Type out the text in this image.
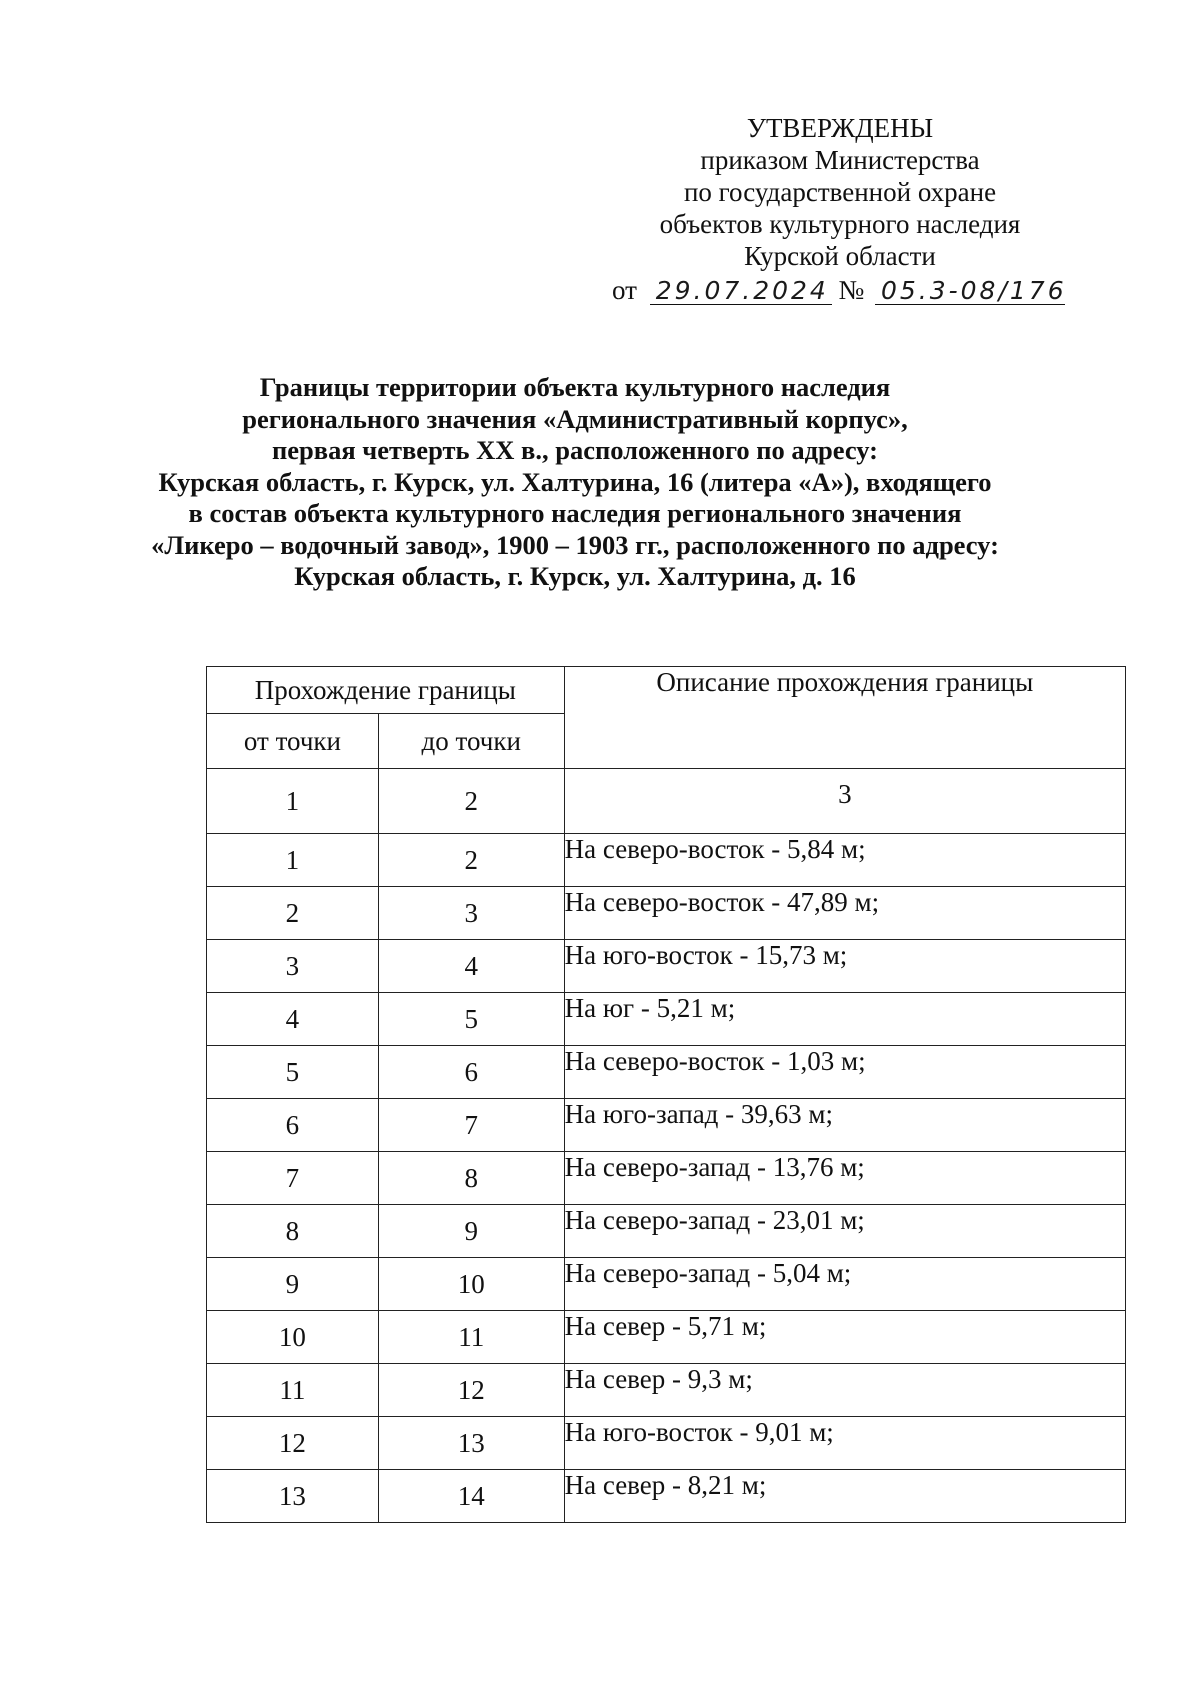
УТВЕРЖДЕНЫ
приказом Министерства
по государственной охране
объектов культурного наследия
Курской области
от 29.07.2024 № 05.3-08/176
Границы территории объекта культурного наследия
регионального значения «Административный корпус»,
первая четверть XX в., расположенного по адресу:
Курская область, г. Курск, ул. Халтурина, 16 (литера «А»), входящего
в состав объекта культурного наследия регионального значения
«Ликеро – водочный завод», 1900 – 1903 гг., расположенного по адресу:
Курская область, г. Курск, ул. Халтурина, д. 16
Прохождение границы		Описание прохождения границы
от точки	до точки	
1	2	3
1	2	На северо-восток - 5,84 м;
2	3	На северо-восток - 47,89 м;
3	4	На юго-восток - 15,73 м;
4	5	На юг - 5,21 м;
5	6	На северо-восток - 1,03 м;
6	7	На юго-запад - 39,63 м;
7	8	На северо-запад - 13,76 м;
8	9	На северо-запад - 23,01 м;
9	10	На северо-запад - 5,04 м;
10	11	На север - 5,71 м;
11	12	На север - 9,3 м;
12	13	На юго-восток - 9,01 м;
13	14	На север - 8,21 м;
